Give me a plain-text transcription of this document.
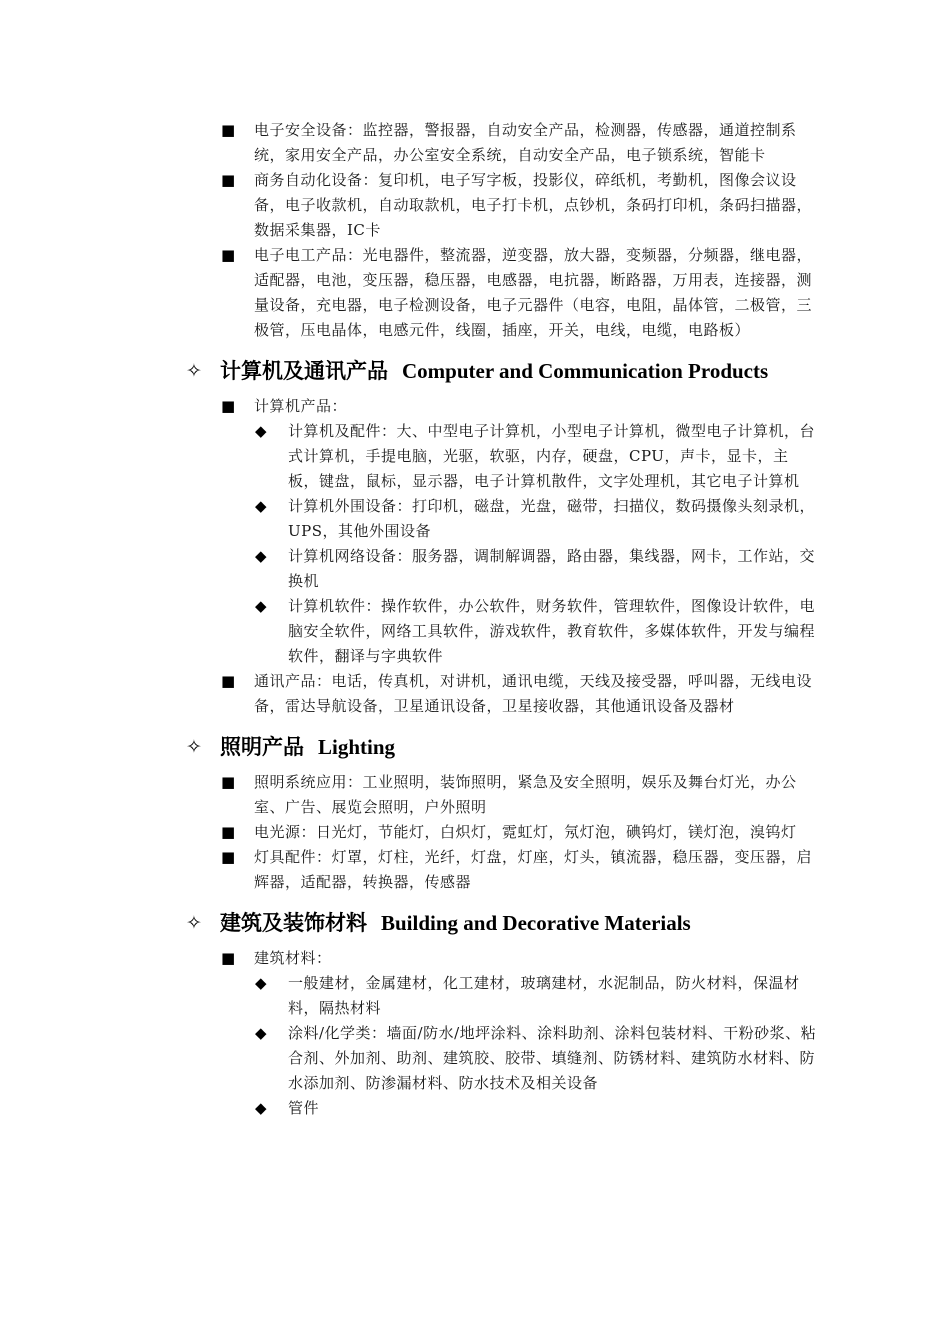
■ 电子安全设备：监控器，警报器，自动安全产品，检测器，传感器，通道控制系统，家用安全产品，办公室安全系统，自动安全产品，电子锁系统，智能卡
■ 商务自动化设备：复印机，电子写字板，投影仪，碎纸机，考勤机，图像会议设备，电子收款机，自动取款机，电子打卡机，点钞机，条码打印机，条码扫描器，数据采集器，IC卡
■ 电子电工产品：光电器件，整流器，逆变器，放大器，变频器，分频器，继电器，适配器，电池，变压器，稳压器，电感器，电抗器，断路器，万用表，连接器，测量设备，充电器，电子检测设备，电子元器件（电容，电阻，晶体管，二极管，三极管，压电晶体，电感元件，线圈，插座，开关，电线，电缆，电路板）
✧ 计算机及通讯产品 Computer and Communication Products
■ 计算机产品：
◆ 计算机及配件：大、中型电子计算机，小型电子计算机，微型电子计算机，台式计算机，手提电脑，光驱，软驱，内存，硬盘，CPU，声卡，显卡，主板，键盘，鼠标，显示器，电子计算机散件，文字处理机，其它电子计算机
◆ 计算机外围设备：打印机，磁盘，光盘，磁带，扫描仪，数码摄像头刻录机，UPS，其他外围设备
◆ 计算机网络设备：服务器，调制解调器，路由器，集线器，网卡，工作站，交换机
◆ 计算机软件：操作软件，办公软件，财务软件，管理软件，图像设计软件，电脑安全软件，网络工具软件，游戏软件，教育软件，多媒体软件，开发与编程软件，翻译与字典软件
■ 通讯产品：电话，传真机，对讲机，通讯电缆，天线及接受器，呼叫器，无线电设备，雷达导航设备，卫星通讯设备，卫星接收器，其他通讯设备及器材
✧ 照明产品 Lighting
■ 照明系统应用：工业照明，装饰照明，紧急及安全照明，娱乐及舞台灯光，办公室、广告、展览会照明，户外照明
■ 电光源：日光灯，节能灯，白炽灯，霓虹灯，氖灯泡，碘钨灯，镁灯泡，溴钨灯
■ 灯具配件：灯罩，灯柱，光纤，灯盘，灯座，灯头，镇流器，稳压器，变压器，启辉器，适配器，转换器，传感器
✧ 建筑及装饰材料 Building and Decorative Materials
■ 建筑材料：
◆ 一般建材，金属建材，化工建材，玻璃建材，水泥制品，防火材料，保温材料，隔热材料
◆ 涂料/化学类：墙面/防水/地坪涂料、涂料助剂、涂料包装材料、干粉砂浆、粘合剂、外加剂、助剂、建筑胶、胶带、填缝剂、防锈材料、建筑防水材料、防水添加剂、防渗漏材料、防水技术及相关设备
◆ 管件
